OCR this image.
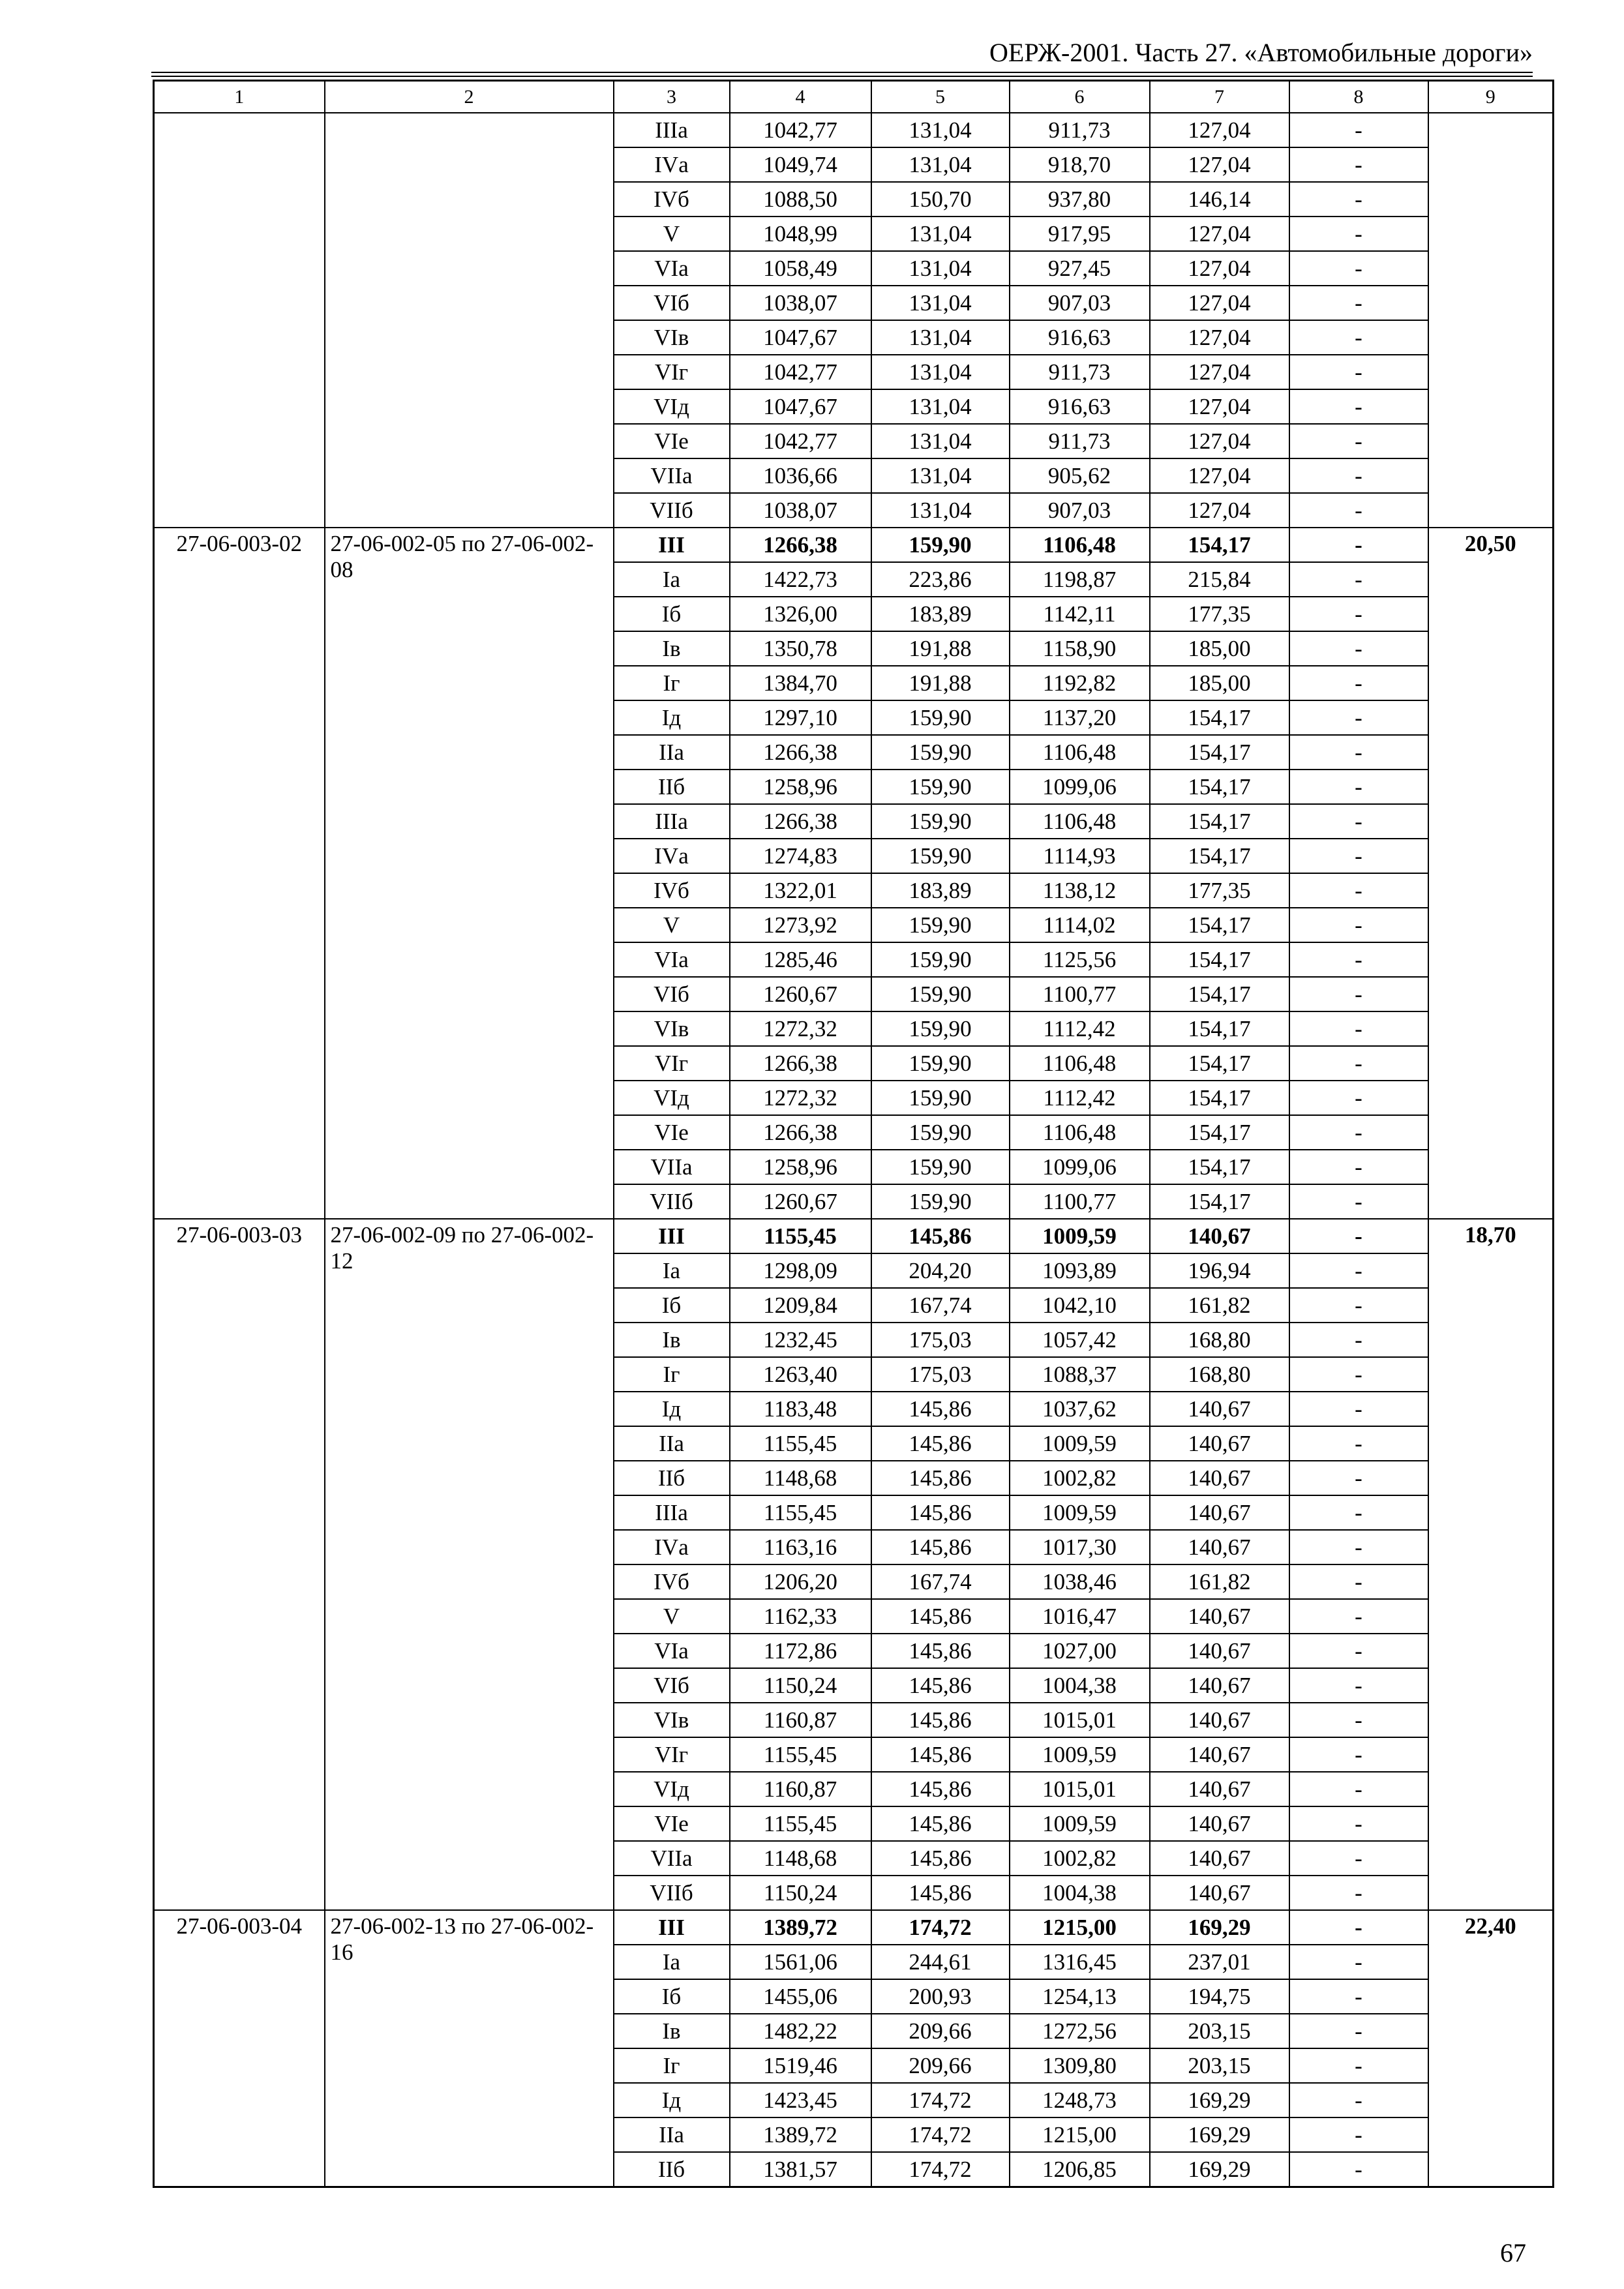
ОЕРЖ-2001. Часть 27. «Автомобильные дороги»
1	2	3	4	5	6	7	8	9
		IIIа	1042,77	131,04	911,73	127,04	-	
		IVа	1049,74	131,04	918,70	127,04	-	
		IVб	1088,50	150,70	937,80	146,14	-	
		V	1048,99	131,04	917,95	127,04	-	
		VIа	1058,49	131,04	927,45	127,04	-	
		VIб	1038,07	131,04	907,03	127,04	-	
		VIв	1047,67	131,04	916,63	127,04	-	
		VIг	1042,77	131,04	911,73	127,04	-	
		VIд	1047,67	131,04	916,63	127,04	-	
		VIе	1042,77	131,04	911,73	127,04	-	
		VIIа	1036,66	131,04	905,62	127,04	-	
		VIIб	1038,07	131,04	907,03	127,04	-	
27-06-003-02	27-06-002-05 по 27-06-002-08	III	1266,38	159,90	1106,48	154,17	-	20,50
		Iа	1422,73	223,86	1198,87	215,84	-	
		Iб	1326,00	183,89	1142,11	177,35	-	
		Iв	1350,78	191,88	1158,90	185,00	-	
		Iг	1384,70	191,88	1192,82	185,00	-	
		Iд	1297,10	159,90	1137,20	154,17	-	
		IIа	1266,38	159,90	1106,48	154,17	-	
		IIб	1258,96	159,90	1099,06	154,17	-	
		IIIа	1266,38	159,90	1106,48	154,17	-	
		IVа	1274,83	159,90	1114,93	154,17	-	
		IVб	1322,01	183,89	1138,12	177,35	-	
		V	1273,92	159,90	1114,02	154,17	-	
		VIа	1285,46	159,90	1125,56	154,17	-	
		VIб	1260,67	159,90	1100,77	154,17	-	
		VIв	1272,32	159,90	1112,42	154,17	-	
		VIг	1266,38	159,90	1106,48	154,17	-	
		VIд	1272,32	159,90	1112,42	154,17	-	
		VIе	1266,38	159,90	1106,48	154,17	-	
		VIIа	1258,96	159,90	1099,06	154,17	-	
		VIIб	1260,67	159,90	1100,77	154,17	-	
27-06-003-03	27-06-002-09 по 27-06-002-12	III	1155,45	145,86	1009,59	140,67	-	18,70
		Iа	1298,09	204,20	1093,89	196,94	-	
		Iб	1209,84	167,74	1042,10	161,82	-	
		Iв	1232,45	175,03	1057,42	168,80	-	
		Iг	1263,40	175,03	1088,37	168,80	-	
		Iд	1183,48	145,86	1037,62	140,67	-	
		IIа	1155,45	145,86	1009,59	140,67	-	
		IIб	1148,68	145,86	1002,82	140,67	-	
		IIIа	1155,45	145,86	1009,59	140,67	-	
		IVа	1163,16	145,86	1017,30	140,67	-	
		IVб	1206,20	167,74	1038,46	161,82	-	
		V	1162,33	145,86	1016,47	140,67	-	
		VIа	1172,86	145,86	1027,00	140,67	-	
		VIб	1150,24	145,86	1004,38	140,67	-	
		VIв	1160,87	145,86	1015,01	140,67	-	
		VIг	1155,45	145,86	1009,59	140,67	-	
		VIд	1160,87	145,86	1015,01	140,67	-	
		VIе	1155,45	145,86	1009,59	140,67	-	
		VIIа	1148,68	145,86	1002,82	140,67	-	
		VIIб	1150,24	145,86	1004,38	140,67	-	
27-06-003-04	27-06-002-13 по 27-06-002-16	III	1389,72	174,72	1215,00	169,29	-	22,40
		Iа	1561,06	244,61	1316,45	237,01	-	
		Iб	1455,06	200,93	1254,13	194,75	-	
		Iв	1482,22	209,66	1272,56	203,15	-	
		Iг	1519,46	209,66	1309,80	203,15	-	
		Iд	1423,45	174,72	1248,73	169,29	-	
		IIа	1389,72	174,72	1215,00	169,29	-	
		IIб	1381,57	174,72	1206,85	169,29	-	
67
